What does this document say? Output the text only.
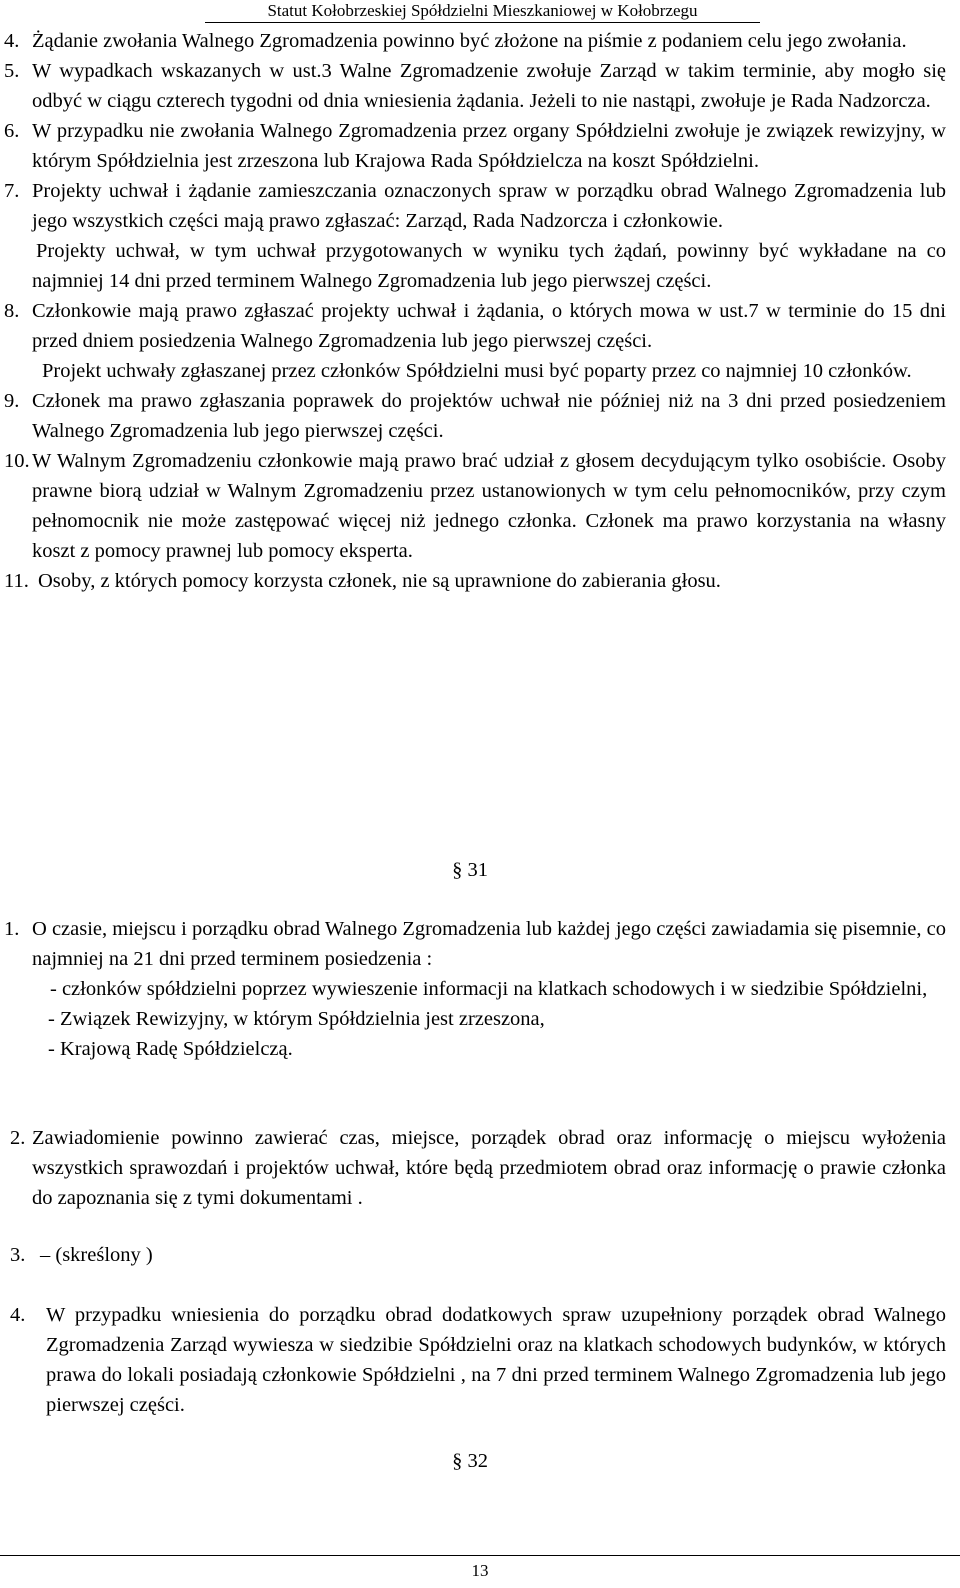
Statut Kołobrzeskiej Spółdzielni Mieszkaniowej w Kołobrzegu
4. Żądanie zwołania Walnego Zgromadzenia powinno być złożone na piśmie z podaniem celu jego zwołania.
5. W wypadkach wskazanych w ust.3 Walne Zgromadzenie zwołuje Zarząd w takim terminie, aby mogło się odbyć w ciągu czterech tygodni od dnia wniesienia żądania. Jeżeli to nie nastąpi, zwołuje je Rada Nadzorcza.
6. W przypadku nie zwołania Walnego Zgromadzenia przez organy Spółdzielni zwołuje je związek rewizyjny, w którym Spółdzielnia jest zrzeszona lub Krajowa Rada Spółdzielcza na koszt Spółdzielni.
7. Projekty uchwał i żądanie zamieszczania oznaczonych spraw w porządku obrad Walnego Zgromadzenia lub jego wszystkich części mają prawo zgłaszać: Zarząd, Rada Nadzorcza i członkowie.
Projekty uchwał, w tym uchwał przygotowanych w wyniku tych żądań, powinny być wykładane na co najmniej 14 dni przed terminem Walnego Zgromadzenia lub jego pierwszej części.
8. Członkowie mają prawo zgłaszać projekty uchwał i żądania, o których mowa w ust.7 w terminie do 15 dni przed dniem posiedzenia Walnego Zgromadzenia lub jego pierwszej części.
Projekt uchwały zgłaszanej przez członków Spółdzielni musi być poparty przez co najmniej 10 członków.
9. Członek ma prawo zgłaszania poprawek do projektów uchwał nie później niż na 3 dni przed posiedzeniem Walnego Zgromadzenia lub jego pierwszej części.
10. W Walnym Zgromadzeniu członkowie mają prawo brać udział z głosem decydującym tylko osobiście. Osoby prawne biorą udział w Walnym Zgromadzeniu przez ustanowionych w tym celu pełnomocników, przy czym pełnomocnik nie może zastępować więcej niż jednego członka. Członek ma prawo korzystania na własny koszt z pomocy prawnej lub pomocy eksperta.
11. Osoby, z których pomocy korzysta członek, nie są uprawnione do zabierania głosu.
§ 31
1. O czasie, miejscu i porządku obrad Walnego Zgromadzenia lub każdej jego części zawiadamia się pisemnie, co najmniej na 21 dni przed terminem posiedzenia :
- członków spółdzielni poprzez wywieszenie informacji na klatkach schodowych i w siedzibie Spółdzielni,
- Związek Rewizyjny, w którym Spółdzielnia jest zrzeszona,
- Krajową Radę Spółdzielczą.
2. Zawiadomienie powinno zawierać czas, miejsce, porządek obrad oraz informację o miejscu wyłożenia wszystkich sprawozdań i projektów uchwał, które będą przedmiotem obrad oraz informację o prawie członka do zapoznania się z tymi dokumentami .
3. – (skreślony )
4. W przypadku wniesienia do porządku obrad dodatkowych spraw uzupełniony porządek obrad Walnego Zgromadzenia Zarząd wywiesza w siedzibie Spółdzielni oraz na klatkach schodowych budynków, w których prawa do lokali posiadają członkowie Spółdzielni , na 7 dni przed terminem Walnego Zgromadzenia lub jego pierwszej części.
§ 32
13
